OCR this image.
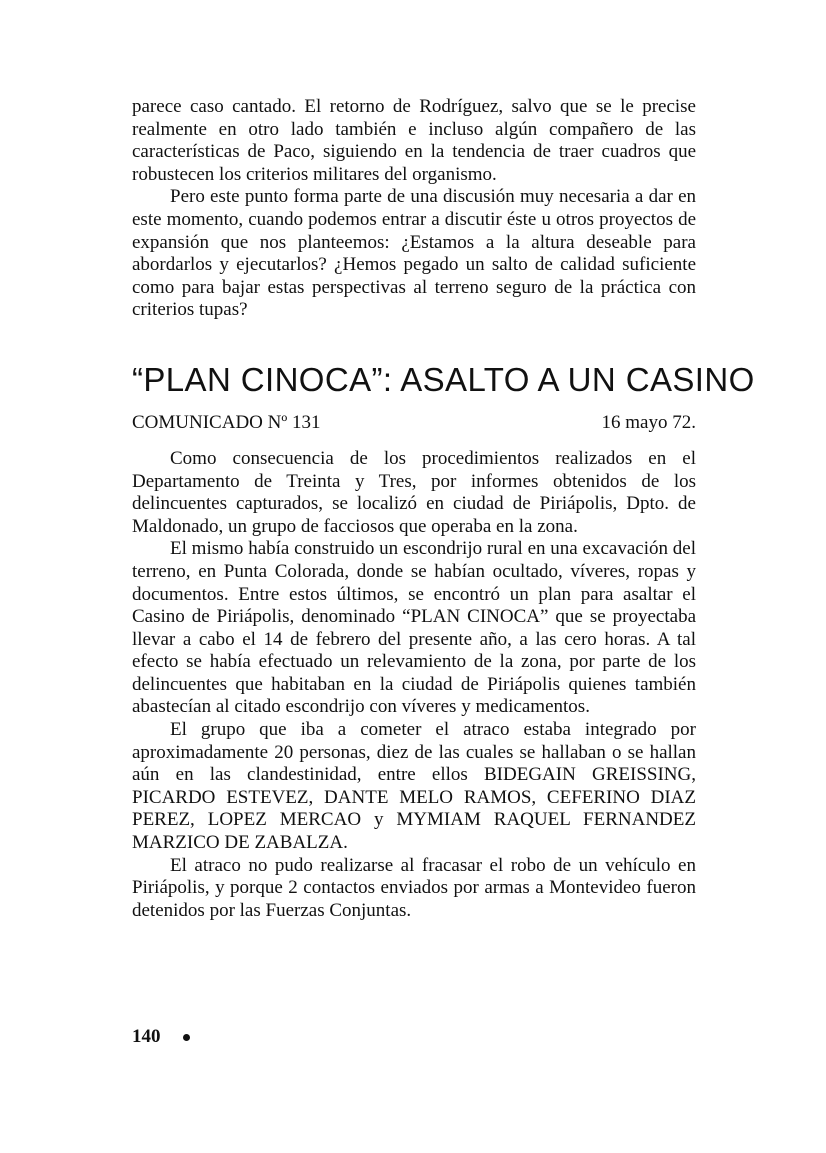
parece caso cantado. El retorno de Rodríguez, salvo que se le precise realmente en otro lado también e incluso algún compañero de las características de Paco, siguiendo en la tendencia de traer cuadros que robustecen los criterios militares del organismo.

Pero este punto forma parte de una discusión muy necesaria a dar en este momento, cuando podemos entrar a discutir éste u otros proyectos de expansión que nos planteemos: ¿Estamos a la altura deseable para abordarlos y ejecutarlos? ¿Hemos pegado un salto de calidad suficiente como para bajar estas perspectivas al terreno seguro de la práctica con criterios tupas?

“PLAN CINOCA”: ASALTO A UN CASINO
COMUNICADO Nº 131	16 mayo 72.

Como consecuencia de los procedimientos realizados en el Departamento de Treinta y Tres, por informes obtenidos de los delincuentes capturados, se localizó en ciudad de Piriápolis, Dpto. de Maldonado, un grupo de facciosos que operaba en la zona.

El mismo había construido un escondrijo rural en una excavación del terreno, en Punta Colorada, donde se habían ocultado, víveres, ropas y documentos. Entre estos últimos, se encontró un plan para asaltar el Casino de Piriápolis, denominado “PLAN CINOCA” que se proyectaba llevar a cabo el 14 de febrero del presente año, a las cero horas. A tal efecto se había efectuado un relevamiento de la zona, por parte de los delincuentes que habitaban en la ciudad de Piriápolis quienes también abastecían al citado escondrijo con víveres y medicamentos.

El grupo que iba a cometer el atraco estaba integrado por aproximadamente 20 personas, diez de las cuales se hallaban o se hallan aún en las clandestinidad, entre ellos BIDEGAIN GREISSING, PICARDO ESTEVEZ, DANTE MELO RAMOS, CEFERINO DIAZ PEREZ, LOPEZ MERCAO y MYMIAM RAQUEL FERNANDEZ MARZICO DE ZABALZA.

El atraco no pudo realizarse al fracasar el robo de un vehículo en Piriápolis, y porque 2 contactos enviados por armas a Montevideo fueron detenidos por las Fuerzas Conjuntas.

140
